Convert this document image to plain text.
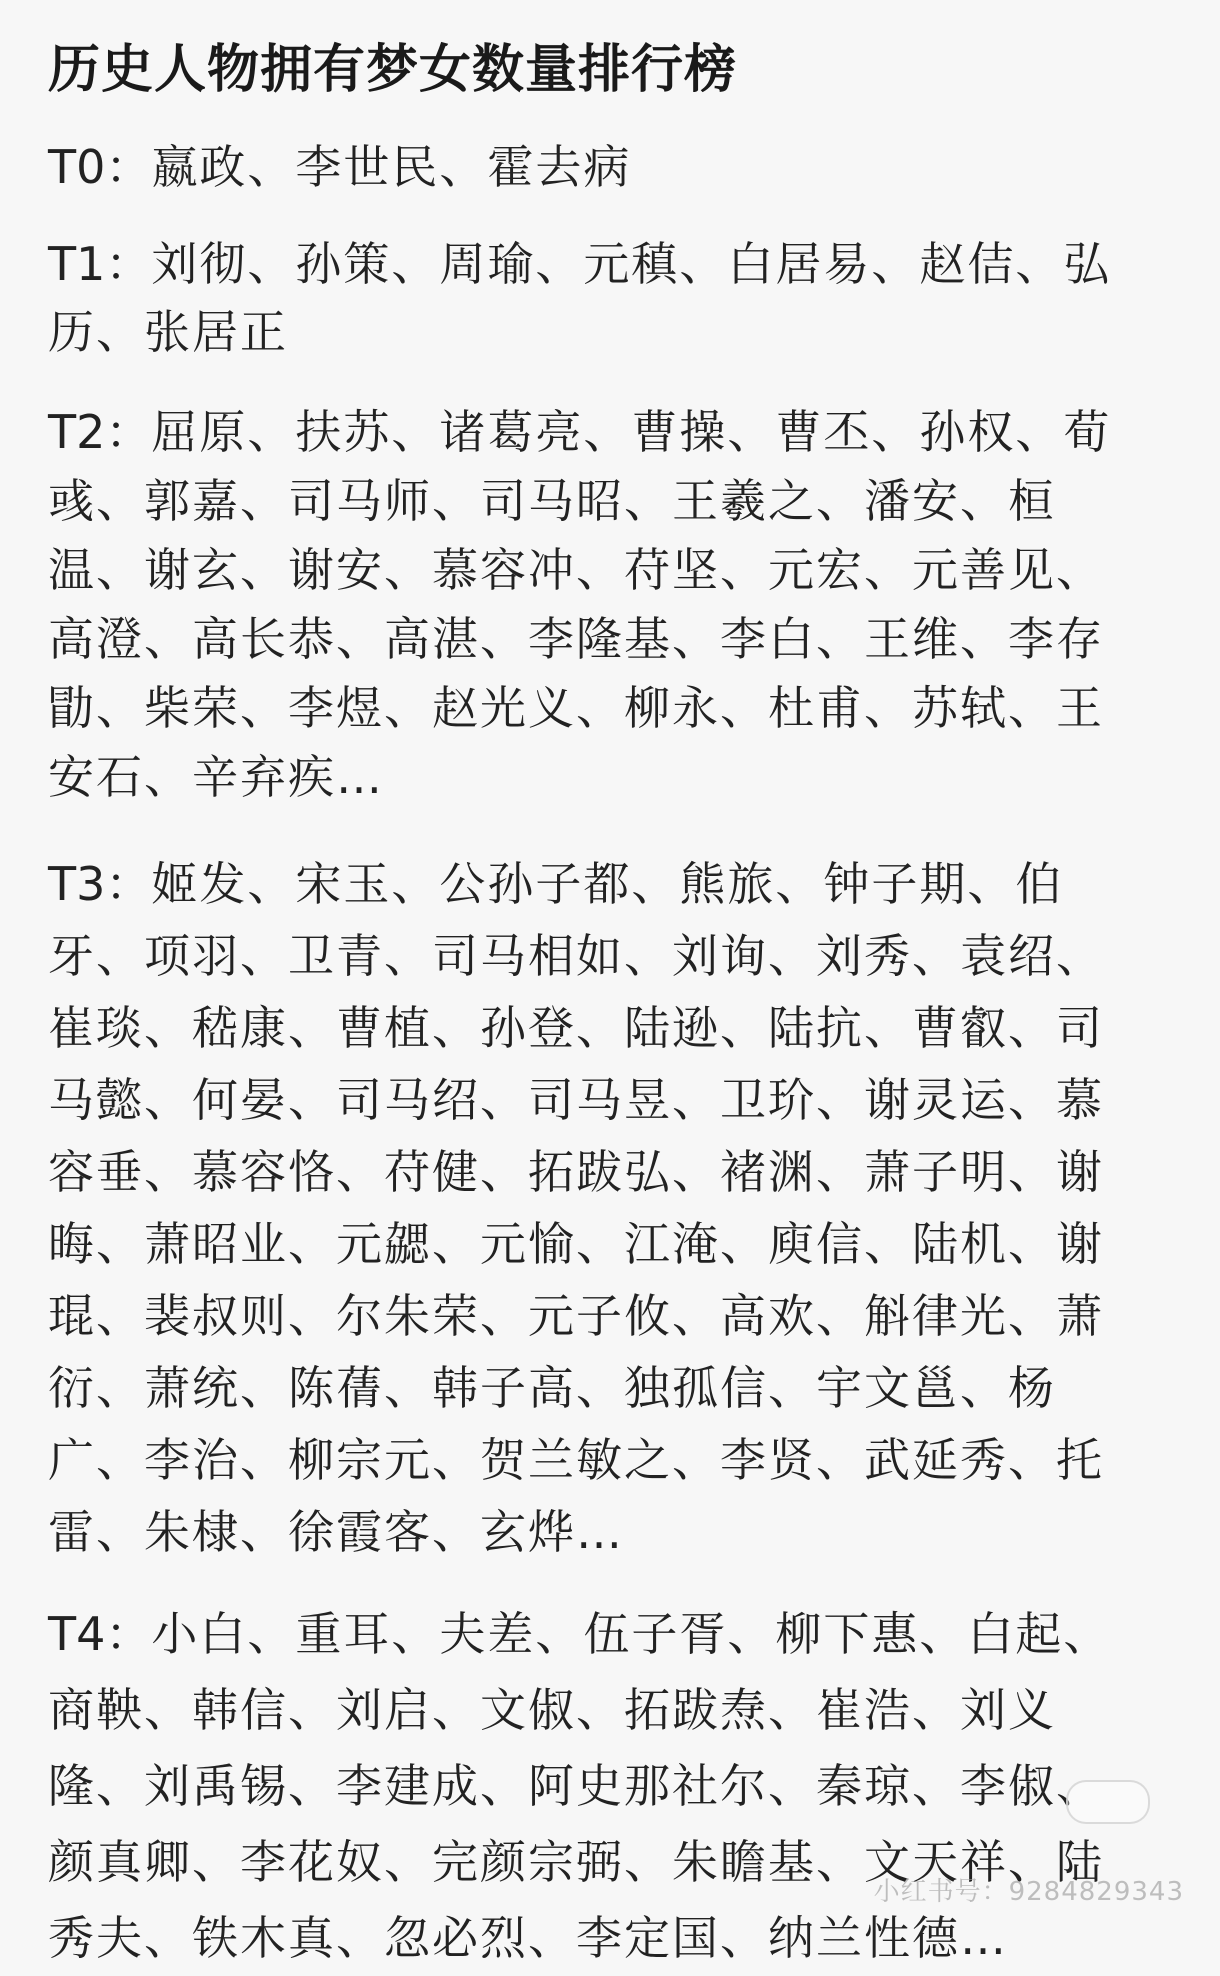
历史人物拥有梦女数量排行榜
T0：嬴政、李世民、霍去病
T1：刘彻、孙策、周瑜、元稹、白居易、赵佶、弘历、张居正
T2：屈原、扶苏、诸葛亮、曹操、曹丕、孙权、荀彧、郭嘉、司马师、司马昭、王羲之、潘安、桓温、谢玄、谢安、慕容冲、苻坚、元宏、元善见、高澄、高长恭、高湛、李隆基、李白、王维、李存勖、柴荣、李煜、赵光义、柳永、杜甫、苏轼、王安石、辛弃疾…
T3：姬发、宋玉、公孙子都、熊旅、钟子期、伯牙、项羽、卫青、司马相如、刘询、刘秀、袁绍、崔琰、嵇康、曹植、孙登、陆逊、陆抗、曹叡、司马懿、何晏、司马绍、司马昱、卫玠、谢灵运、慕容垂、慕容恪、苻健、拓跋弘、褚渊、萧子明、谢晦、萧昭业、元勰、元愉、江淹、庾信、陆机、谢琨、裴叔则、尔朱荣、元子攸、高欢、斛律光、萧衍、萧统、陈蒨、韩子高、独孤信、宇文邕、杨广、李治、柳宗元、贺兰敏之、李贤、武延秀、托雷、朱棣、徐霞客、玄烨…
T4：小白、重耳、夫差、伍子胥、柳下惠、白起、商鞅、韩信、刘启、文俶、拓跋焘、崔浩、刘义隆、刘禹锡、李建成、阿史那社尔、秦琼、李俶、颜真卿、李花奴、完颜宗弼、朱瞻基、文天祥、陆秀夫、铁木真、忽必烈、李定国、纳兰性德…
小红书号：9284829343
